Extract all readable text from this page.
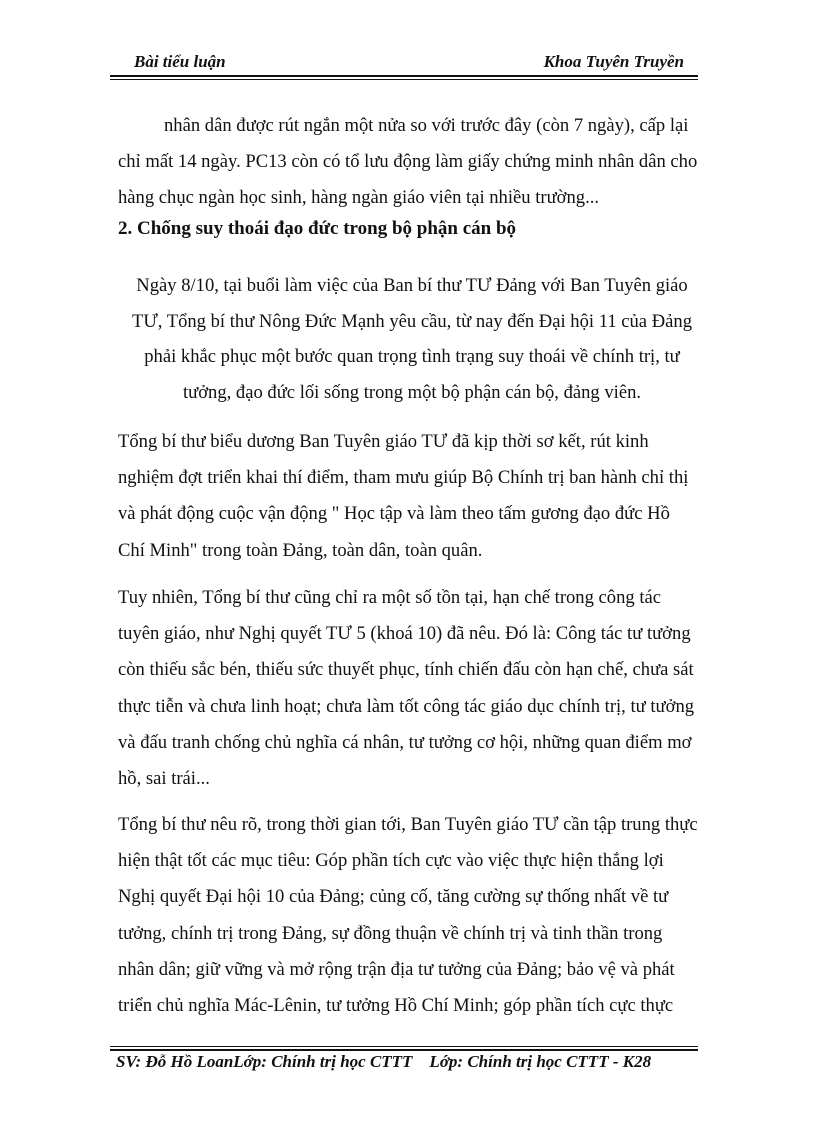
Bài tiểu luận	Khoa Tuyên Truyền
nhân dân được rút ngắn một nửa so với trước đây (còn 7 ngày), cấp lại
chỉ mất 14 ngày. PC13 còn có tổ lưu động làm giấy chứng minh nhân dân cho hàng chục ngàn học sinh, hàng ngàn giáo viên tại nhiều trường...
2. Chống suy thoái đạo đức trong bộ phận cán bộ

Ngày 8/10, tại buổi làm việc của Ban bí thư TƯ Đảng với Ban Tuyên giáo TƯ, Tổng bí thư Nông Đức Mạnh yêu cầu, từ nay đến Đại hội 11 của Đảng phải khắc phục một bước quan trọng tình trạng suy thoái về chính trị, tư tưởng, đạo đức lối sống trong một bộ phận cán bộ, đảng viên.

Tổng bí thư biểu dương Ban Tuyên giáo TƯ đã kịp thời sơ kết, rút kinh nghiệm đợt triển khai thí điểm, tham mưu giúp Bộ Chính trị ban hành chỉ thị và phát động cuộc vận động " Học tập và làm theo tấm gương đạo đức Hồ Chí Minh" trong toàn Đảng, toàn dân, toàn quân.

Tuy nhiên, Tổng bí thư cũng chỉ ra một số tồn tại, hạn chế trong công tác tuyên giáo, như Nghị quyết TƯ 5 (khoá 10) đã nêu. Đó là: Công tác tư tưởng còn thiếu sắc bén, thiếu sức thuyết phục, tính chiến đấu còn hạn chế, chưa sát thực tiễn và chưa linh hoạt; chưa làm tốt công tác giáo dục chính trị, tư tưởng và đấu tranh chống chủ nghĩa cá nhân, tư tưởng cơ hội, những quan điểm mơ hồ, sai trái...

Tổng bí thư nêu rõ, trong thời gian tới, Ban Tuyên giáo TƯ cần tập trung thực hiện thật tốt các mục tiêu: Góp phần tích cực vào việc thực hiện thắng lợi Nghị quyết Đại hội 10 của Đảng; củng cố, tăng cường sự thống nhất về tư tưởng, chính trị trong Đảng, sự đồng thuận về chính trị và tinh thần trong nhân dân; giữ vững và mở rộng trận địa tư tưởng của Đảng; bảo vệ và phát triển chủ nghĩa Mác-Lênin, tư tưởng Hồ Chí Minh; góp phần tích cực thực

SV: Đỗ Hồ LoanLớp: Chính trị học CTTT    Lớp: Chính trị học CTTT - K28
